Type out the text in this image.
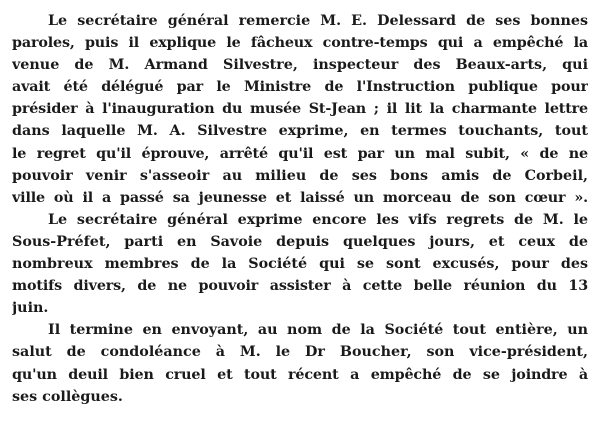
Le secrétaire général remercie M. E. Delessard de ses bonnes
paroles, puis il explique le fâcheux contre-temps qui a empêché la
venue de M. Armand Silvestre, inspecteur des Beaux-arts, qui
avait été délégué par le Ministre de l'Instruction publique pour
présider à l'inauguration du musée St-Jean ; il lit la charmante lettre
dans laquelle M. A. Silvestre exprime, en termes touchants, tout
le regret qu'il éprouve, arrêté qu'il est par un mal subit, « de ne
pouvoir venir s'asseoir au milieu de ses bons amis de Corbeil,
ville où il a passé sa jeunesse et laissé un morceau de son cœur ».
Le secrétaire général exprime encore les vifs regrets de M. le
Sous-Préfet, parti en Savoie depuis quelques jours, et ceux de
nombreux membres de la Société qui se sont excusés, pour des
motifs divers, de ne pouvoir assister à cette belle réunion du 13
juin.
Il termine en envoyant, au nom de la Société tout entière, un
salut de condoléance à M. le Dr Boucher, son vice-président,
qu'un deuil bien cruel et tout récent a empêché de se joindre à
ses collègues.
